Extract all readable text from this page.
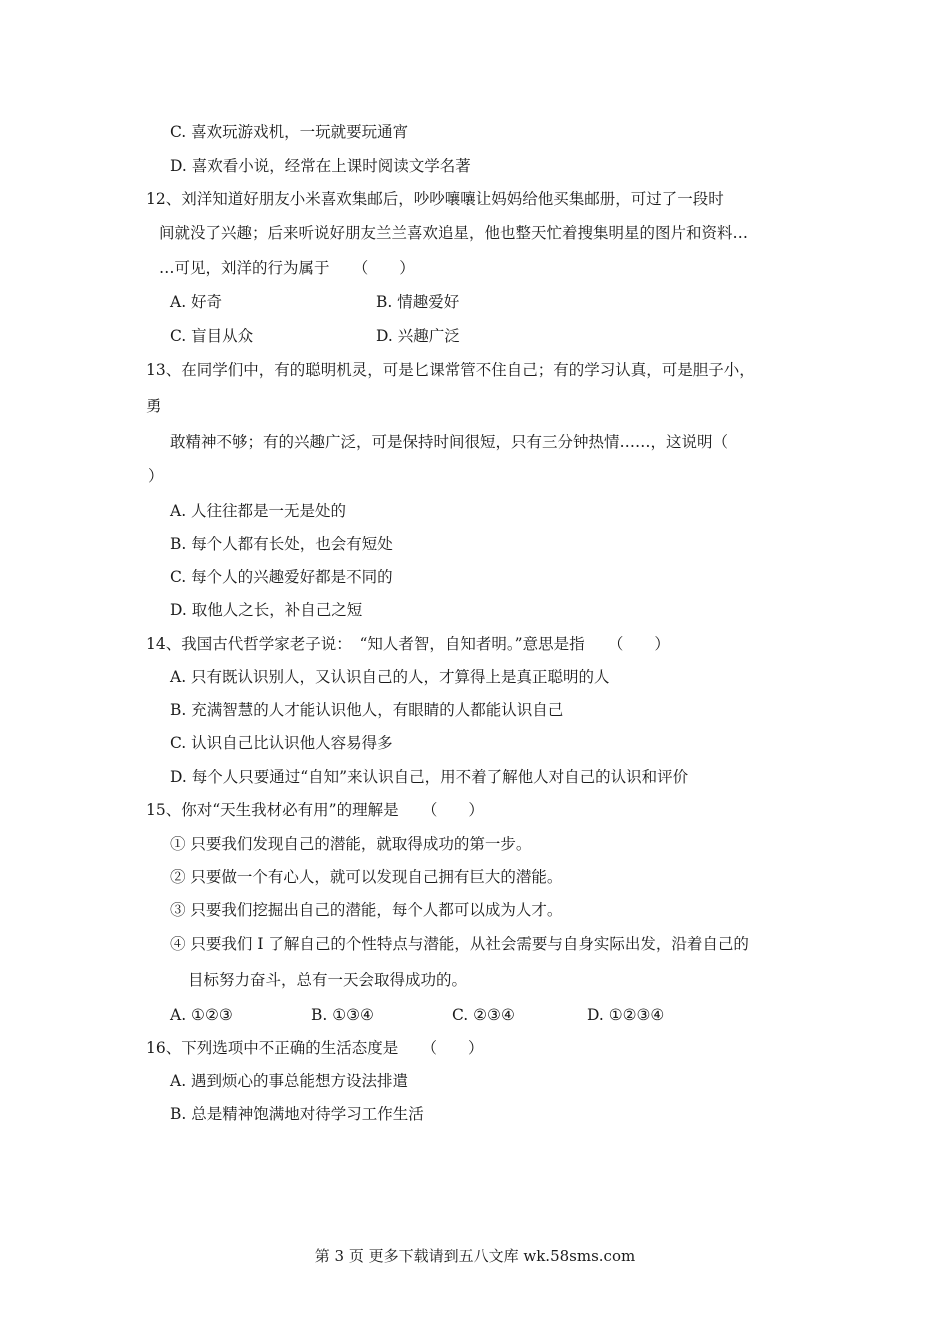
C. 喜欢玩游戏机，一玩就要玩通宵
D. 喜欢看小说，经常在上课时阅读文学名著
12、刘洋知道好朋友小米喜欢集邮后，吵吵嚷嚷让妈妈给他买集邮册，可过了一段时
间就没了兴趣；后来听说好朋友兰兰喜欢追星，他也整天忙着搜集明星的图片和资料…
…可见，刘洋的行为属于　　（　　）
A. 好奇	B. 情趣爱好
C. 盲目从众	D. 兴趣广泛
13、在同学们中，有的聪明机灵，可是匕课常管不住自己；有的学习认真，可是胆子小，
勇
敢精神不够；有的兴趣广泛，可是保持时间很短，只有三分钟热情……，这说明（
）
A. 人往往都是一无是处的
B. 每个人都有长处，也会有短处
C. 每个人的兴趣爱好都是不同的
D. 取他人之长，补自己之短
14、我国古代哲学家老子说：　“知人者智，自知者明。”意思是指　　（　　）
A. 只有既认识别人，又认识自己的人，才算得上是真正聪明的人
B. 充满智慧的人才能认识他人，有眼睛的人都能认识自己
C. 认识自己比认识他人容易得多
D. 每个人只要通过“自知”来认识自己，用不着了解他人对自己的认识和评价
15、你对“天生我材必有用”的理解是　　（　　）
① 只要我们发现自己的潜能，就取得成功的第一步。
② 只要做一个有心人，就可以发现自己拥有巨大的潜能。
③ 只要我们挖掘出自己的潜能，每个人都可以成为人才。
④ 只要我们 I 了解自己的个性特点与潜能，从社会需要与自身实际出发，沿着自己的
目标努力奋斗，总有一天会取得成功的。
A. ①②③	B. ①③④	C. ②③④	D. ①②③④
16、下列选项中不正确的生活态度是　　（　　）
A. 遇到烦心的事总能想方设法排遣
B. 总是精神饱满地对待学习工作生活
第 3 页 更多下载请到五八文库 wk.58sms.com
